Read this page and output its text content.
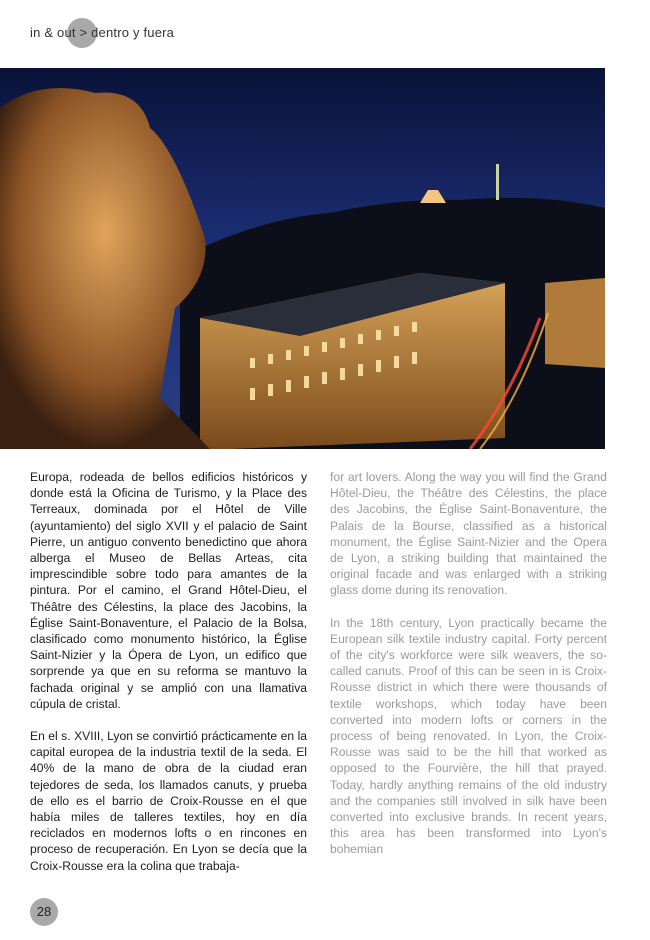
in & out > dentro y fuera

Europa, rodeada de bellos edificios históricos y donde está la Oficina de Turismo, y la Place des Terreaux, dominada por el Hôtel de Ville (ayuntamiento) del siglo XVII y el palacio de Saint Pierre, un antiguo convento benedictino que ahora alberga el Museo de Bellas Arteas, cita imprescindible sobre todo para amantes de la pintura. Por el camino, el Grand Hôtel-Dieu, el Théâtre des Célestins, la place des Jacobins, la Église Saint-Bonaventure, el Palacio de la Bolsa, clasificado como monumento histórico, la Église Saint-Nizier y la Ópera de Lyon, un edifico que sorprende ya que en su reforma se mantuvo la fachada original y se amplió con una llamativa cúpula de cristal.

En el s. XVIII, Lyon se convirtió prácticamente en la capital europea de la industria textil de la seda. El 40% de la mano de obra de la ciudad eran tejedores de seda, los llamados canuts, y prueba de ello es el barrio de Croix-Rousse en el que había miles de talleres textiles, hoy en día reciclados en modernos lofts o en rincones en proceso de recuperación. En Lyon se decía que la Croix-Rousse era la colina que trabaja-

for art lovers. Along the way you will find the Grand Hôtel-Dieu, the Théâtre des Célestins, the place des Jacobins, the Église Saint-Bonaventure, the Palais de la Bourse, classified as a historical monument, the Église Saint-Nizier and the Opera de Lyon, a striking building that maintained the original facade and was enlarged with a striking glass dome during its renovation.

In the 18th century, Lyon practically became the European silk textile industry capital. Forty percent of the city's workforce were silk weavers, the so-called canuts. Proof of this can be seen in is Croix-Rousse district in which there were thousands of textile workshops, which today have been converted into modern lofts or corners in the process of being renovated. In Lyon, the Croix-Rousse was said to be the hill that worked as opposed to the Fourvière, the hill that prayed. Today, hardly anything remains of the old industry and the companies still involved in silk have been converted into exclusive brands. In recent years, this area has been transformed into Lyon's bohemian

28
